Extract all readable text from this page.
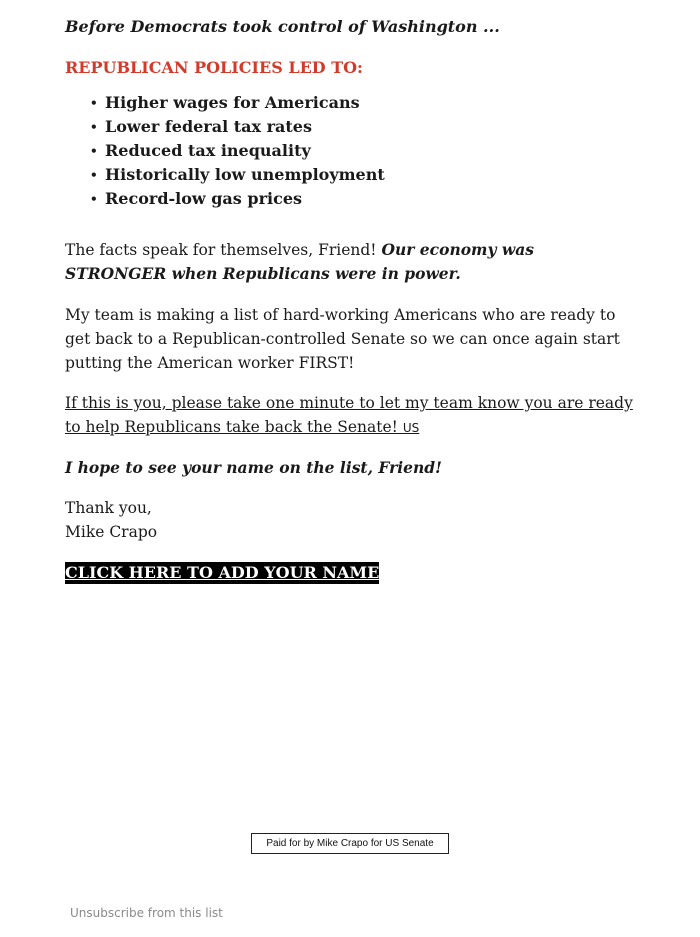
Before Democrats took control of Washington ...
REPUBLICAN POLICIES LED TO:
• Higher wages for Americans
• Lower federal tax rates
• Reduced tax inequality
• Historically low unemployment
• Record-low gas prices
The facts speak for themselves, Friend! Our economy was STRONGER when Republicans were in power.
My team is making a list of hard-working Americans who are ready to get back to a Republican-controlled Senate so we can once again start putting the American worker FIRST!
If this is you, please take one minute to let my team know you are ready to help Republicans take back the Senate! US
I hope to see your name on the list, Friend!
Thank you,
Mike Crapo
CLICK HERE TO ADD YOUR NAME
Paid for by Mike Crapo for US Senate
Unsubscribe from this list
